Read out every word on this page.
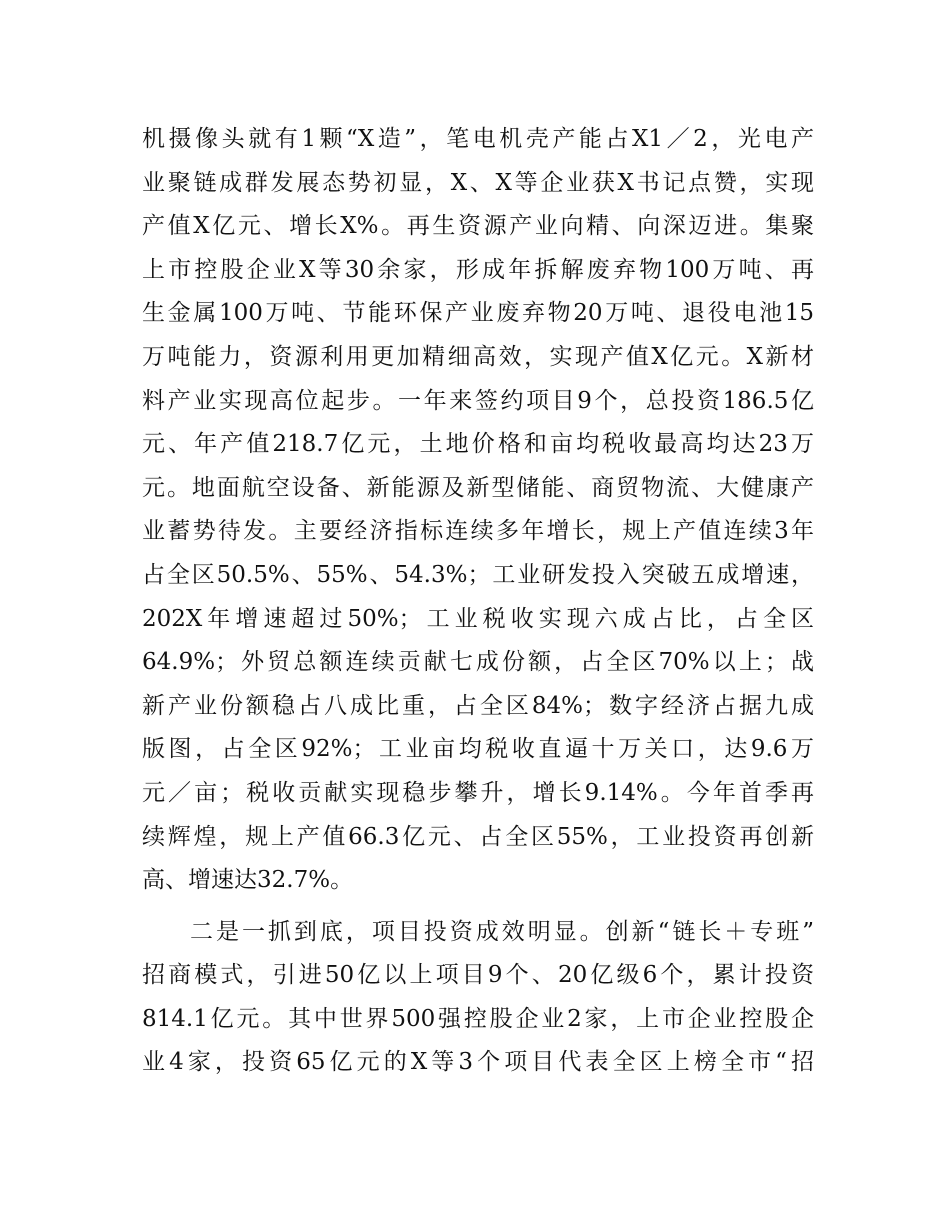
机摄像头就有1颗“X造”，笔电机壳产能占X1／2，光电产
业聚链成群发展态势初显，X、X等企业获X书记点赞，实现
产值X亿元、增长X%。再生资源产业向精、向深迈进。集聚
上市控股企业X等30余家，形成年拆解废弃物100万吨、再
生金属100万吨、节能环保产业废弃物20万吨、退役电池15
万吨能力，资源利用更加精细高效，实现产值X亿元。X新材
料产业实现高位起步。一年来签约项目9个，总投资186.5亿
元、年产值218.7亿元，土地价格和亩均税收最高均达23万
元。地面航空设备、新能源及新型储能、商贸物流、大健康产
业蓄势待发。主要经济指标连续多年增长，规上产值连续3年
占全区50.5%、55%、54.3%；工业研发投入突破五成增速，
202X年增速超过50%；工业税收实现六成占比，占全区
64.9%；外贸总额连续贡献七成份额，占全区70%以上；战
新产业份额稳占八成比重，占全区84%；数字经济占据九成
版图，占全区92%；工业亩均税收直逼十万关口，达9.6万
元／亩；税收贡献实现稳步攀升，增长9.14%。今年首季再
续辉煌，规上产值66.3亿元、占全区55%，工业投资再创新
高、增速达32.7%。
二是一抓到底，项目投资成效明显。创新“链长＋专班”
招商模式，引进50亿以上项目9个、20亿级6个，累计投资
814.1亿元。其中世界500强控股企业2家，上市企业控股企
业4家，投资65亿元的X等3个项目代表全区上榜全市“招
